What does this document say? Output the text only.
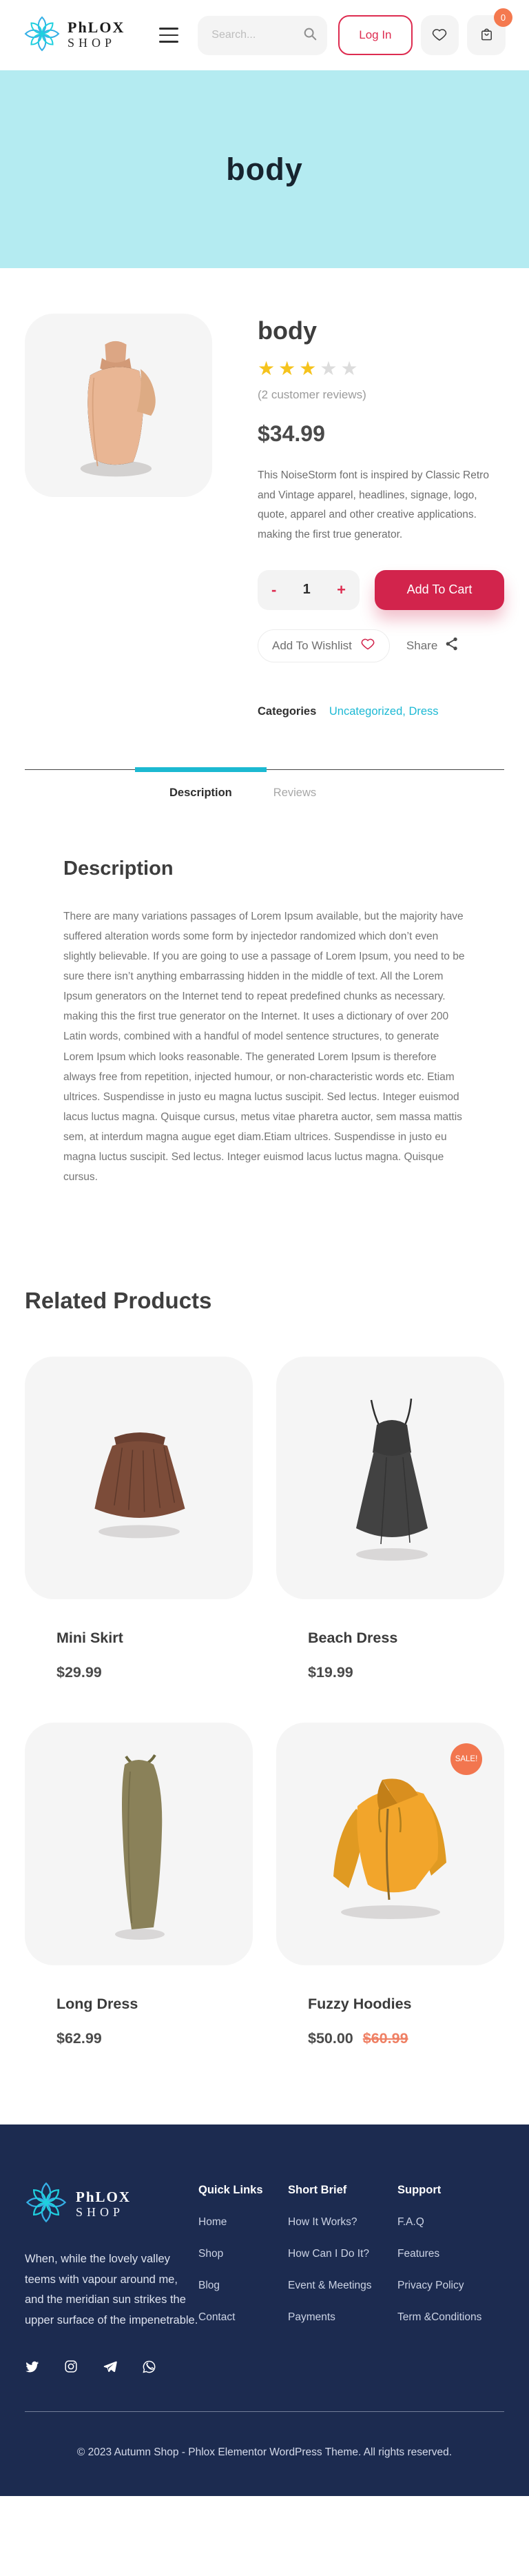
PhLOX
SHOP
Search...
Log In
0
body
body
★★★★★
(2 customer reviews)
$34.99

This NoiseStorm font is inspired by Classic Retro and Vintage apparel, headlines, signage, logo, quote, apparel and other creative applications. making the first true generator.

- 1 +	Add To Cart
Add To Wishlist	Share
Categories Uncategorized, Dress
Description	Reviews
Description

There are many variations passages of Lorem Ipsum available, but the majority have suffered alteration words some form by injectedor randomized which don’t even slightly believable. If you are going to use a passage of Lorem Ipsum, you need to be sure there isn’t anything embarrassing hidden in the middle of text. All the Lorem Ipsum generators on the Internet tend to repeat predefined chunks as necessary. making this the first true generator on the Internet. It uses a dictionary of over 200 Latin words, combined with a handful of model sentence structures, to generate Lorem Ipsum which looks reasonable. The generated Lorem Ipsum is therefore always free from repetition, injected humour, or non-characteristic words etc. Etiam ultrices. Suspendisse in justo eu magna luctus suscipit. Sed lectus. Integer euismod lacus luctus magna. Quisque cursus, metus vitae pharetra auctor, sem massa mattis sem, at interdum magna augue eget diam.Etiam ultrices. Suspendisse in justo eu magna luctus suscipit. Sed lectus. Integer euismod lacus luctus magna. Quisque cursus.

Related Products
Mini Skirt
$29.99
Beach Dress
$19.99
Long Dress
$62.99
SALE!
Fuzzy Hoodies
$50.00 $60.99
PhLOX
SHOP

When, while the lovely valley teems with vapour around me, and the meridian sun strikes the upper surface of the impenetrable.

Quick Links
Home
Shop
Blog
Contact
Short Brief
How It Works?
How Can I Do It?
Event & Meetings
Payments
Support
F.A.Q
Features
Privacy Policy
Term &Conditions
© 2023 Autumn Shop - Phlox Elementor WordPress Theme. All rights reserved.
